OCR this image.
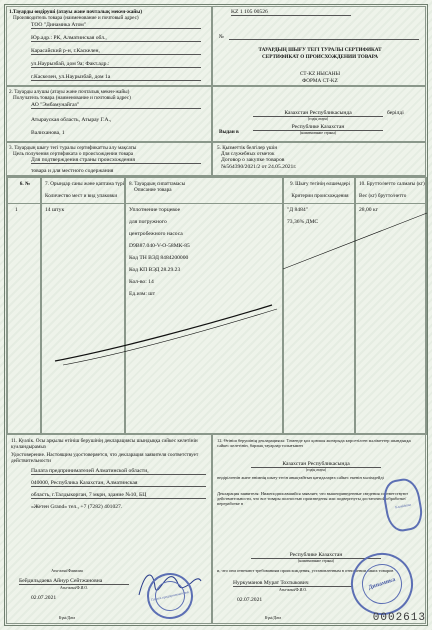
1.Тауарды өндіруші (атауы және почталық мекен-жайы)
Производитель товара (наименование и почтовый адрес)
ТОО "Динамика Атом"
Юр.адр.: РК, Алматинская обл.,
Карасайский р-н, г.Каскелен,
ул.Наурызбай, дом 9а; Факт.адр.:
г.Каскелен, ул.Наурызбай, дом 1а
№
KZ 1 105 00526
ТАУАРДЫҢ ШЫҒУ ТЕГІ ТУРАЛЫ СЕРТИФИКАТ
СЕРТИФИКАТ О ПРОИСХОЖДЕНИИ ТОВАРА
СТ-KZ НЫСАНЫ
ФОРМА СТ-KZ
2. Тауарды алушы (атауы және почталық мекен-жайы)
Получатель товара (наименование и почтовый адрес)
АО "Эмбамунайгаз"
Атырауская область, Атырау Г.А.,
Валиханова, 1
Казахстан Республикасында	берілді
(елдің атауы)
Выдан в
Республике Казахстан
(наименование страны)
3. Тауардың шығу тегі туралы сертификатты алу мақсаты
Цель получения сертификата о происхождении товара
Для подтверждения страны происхождения
товара и для местного содержания
5. Қызметтік белгілер үшін
Для служебных отметок
Договор о закупке товаров
№564390/2021/2 от 24.05.2021г.
6. №	7. Орындар саны және қаптама түрі
Количество мест и вид упаковки
8. Тауардың сипаттамасы
Описание товара
9. Шығу тегінің өлшемдері
Критерии происхождения
10. Брутто/нетто салмағы (кг)
Вес (кг) брутто/нетто
1	14 штук	Уплотнение торцевое
для погружного
центробежного насоса
D9В87.040-V-О-58МК-85
Код ТН ВЭД 8484200000
Код КП ВЭД 28.29.23
Кол-во: 14
Ед.изм: шт
"Д 8484"
73,36% ДМС
28,00 кг
11. Куәлік. Осы арқылы өтініш берушінің декларациясы шындыққа сәйкес келетінін куәландырамыз
Удостоверение. Настоящим удостоверяется, что декларация заявителя соответствует действительности
Палата предпринимателей Алматинской области,
040000, Республика Казахстан, Алматинская
область, г.Талдыкорган, 7 мкрн, здание №10, БЦ
«Жетен Grand» тел., +7 (7282) 401027.
Аты-жөні/Фамилия
Бейдильдаева Айнур Сейтжановна
Аты-жөні/Ф.И.О.
02.07.2021
Күні/Дата
Палата предпринимателей
12. Өтініш берушінің декларациясы: Төменде қол қоюшы жоғарыда көрсетілген мәліметтер шындыққа сәйкес келетінін, барлық тауарлар толығымен
Казахстан Республикасында
(елдің атауы)
өндірілгенін және өнімнің шығу тегін анықтайтын қағидаларға сәйкес екенін мәлімдейді
Декларация заявителя: Нижеподписавшийся заявляет, что вышеприведенные сведения соответствуют действительности, что все товары полностью произведены или подвергнуты достаточной обработке/переработке в
Республике Казахстан
(наименование страны)
и, что они отвечают требованиям происхождения, установленным в отношении таких товаров
Нуркуманов Мурат Тохтыкович
Аты-жөні/Ф.И.О.
02.07.2021
Күні/Дата
Динамика
Kazakhstan
0002613
